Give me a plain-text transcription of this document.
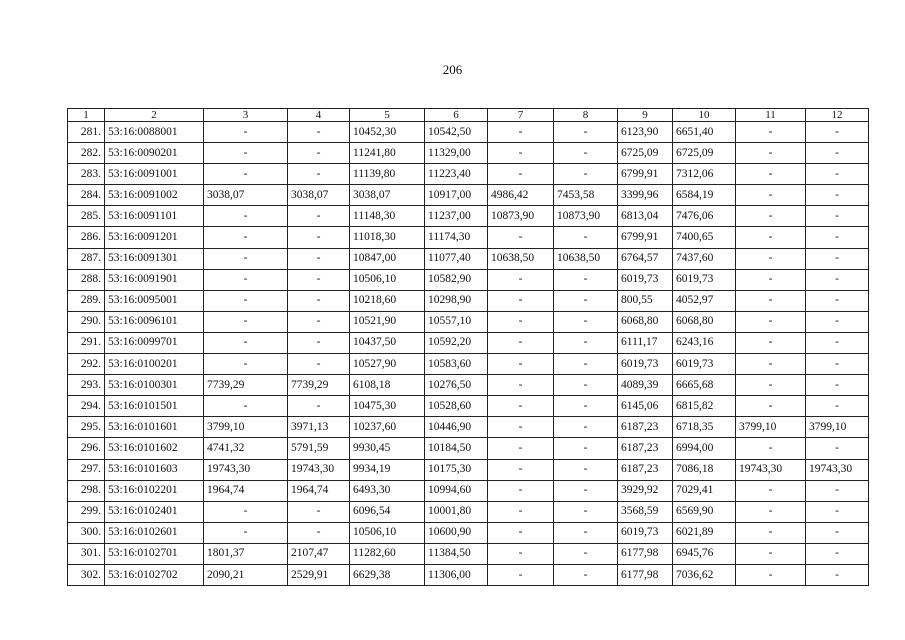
206
1	2	3	4	5	6	7	8	9	10	11	12
281.	53:16:0088001	-	-	10452,30	10542,50	-	-	6123,90	6651,40	-	-
282.	53:16:0090201	-	-	11241,80	11329,00	-	-	6725,09	6725,09	-	-
283.	53:16:0091001	-	-	11139,80	11223,40	-	-	6799,91	7312,06	-	-
284.	53:16:0091002	3038,07	3038,07	3038,07	10917,00	4986,42	7453,58	3399,96	6584,19	-	-
285.	53:16:0091101	-	-	11148,30	11237,00	10873,90	10873,90	6813,04	7476,06	-	-
286.	53:16:0091201	-	-	11018,30	11174,30	-	-	6799,91	7400,65	-	-
287.	53:16:0091301	-	-	10847,00	11077,40	10638,50	10638,50	6764,57	7437,60	-	-
288.	53:16:0091901	-	-	10506,10	10582,90	-	-	6019,73	6019,73	-	-
289.	53:16:0095001	-	-	10218,60	10298,90	-	-	800,55	4052,97	-	-
290.	53:16:0096101	-	-	10521,90	10557,10	-	-	6068,80	6068,80	-	-
291.	53:16:0099701	-	-	10437,50	10592,20	-	-	6111,17	6243,16	-	-
292.	53:16:0100201	-	-	10527,90	10583,60	-	-	6019,73	6019,73	-	-
293.	53:16:0100301	7739,29	7739,29	6108,18	10276,50	-	-	4089,39	6665,68	-	-
294.	53:16:0101501	-	-	10475,30	10528,60	-	-	6145,06	6815,82	-	-
295.	53:16:0101601	3799,10	3971,13	10237,60	10446,90	-	-	6187,23	6718,35	3799,10	3799,10
296.	53:16:0101602	4741,32	5791,59	9930,45	10184,50	-	-	6187,23	6994,00	-	-
297.	53:16:0101603	19743,30	19743,30	9934,19	10175,30	-	-	6187,23	7086,18	19743,30	19743,30
298.	53:16:0102201	1964,74	1964,74	6493,30	10994,60	-	-	3929,92	7029,41	-	-
299.	53:16:0102401	-	-	6096,54	10001,80	-	-	3568,59	6569,90	-	-
300.	53:16:0102601	-	-	10506,10	10600,90	-	-	6019,73	6021,89	-	-
301.	53:16:0102701	1801,37	2107,47	11282,60	11384,50	-	-	6177,98	6945,76	-	-
302.	53:16:0102702	2090,21	2529,91	6629,38	11306,00	-	-	6177,98	7036,62	-	-
